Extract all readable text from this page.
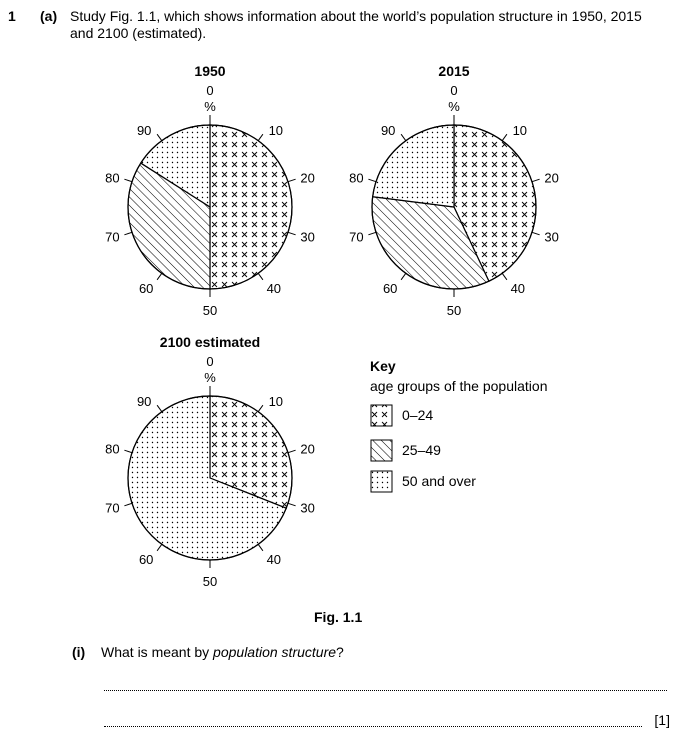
1 (a) Study Fig. 1.1, which shows information about the world’s population structure in 1950, 2015
and 2100 (estimated).
1950
0
%
10
20
30
40
50
60
70
80
90
2015
0
%
10
20
30
40
50
60
70
80
90
2100 estimated
0
%
10
20
30
40
50
60
70
80
90
Key
age groups of the population
0–24
25–49
50 and over
Fig. 1.1
(i) What is meant by population structure?
[1]
